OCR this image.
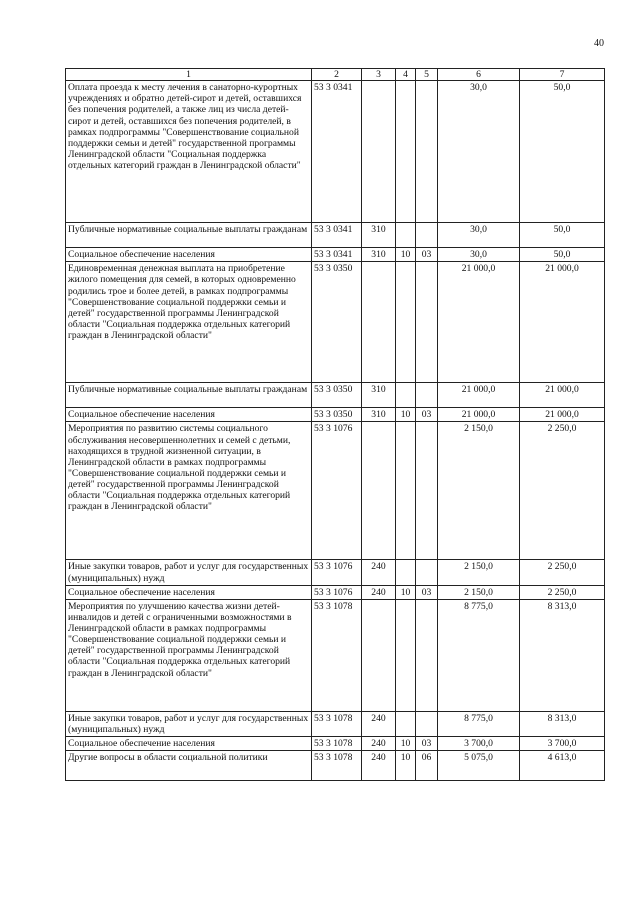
40
1	2	3	4	5	6	7
Оплата проезда к месту лечения в санаторно-курортных учреждениях и обратно детей-сирот и детей, оставшихся без попечения родителей, а также лиц из числа детей-сирот и детей, оставшихся без попечения родителей, в рамках подпрограммы "Совершенствование социальной поддержки семьи и детей" государственной программы Ленинградской области "Социальная поддержка отдельных категорий граждан в Ленинградской области"	53 3 0341				30,0	50,0
Публичные нормативные социальные выплаты гражданам	53 3 0341	310			30,0	50,0
Социальное обеспечение населения	53 3 0341	310	10	03	30,0	50,0
Единовременная денежная выплата на приобретение жилого помещения для семей, в которых одновременно родились трое и более детей, в рамках подпрограммы "Совершенствование социальной поддержки семьи и детей" государственной программы Ленинградской области "Социальная поддержка отдельных категорий граждан в Ленинградской области"	53 3 0350				21 000,0	21 000,0
Публичные нормативные социальные выплаты гражданам	53 3 0350	310			21 000,0	21 000,0
Социальное обеспечение населения	53 3 0350	310	10	03	21 000,0	21 000,0
Мероприятия по развитию системы социального обслуживания несовершеннолетних и семей с детьми, находящихся в трудной жизненной ситуации, в Ленинградской области в рамках подпрограммы "Совершенствование социальной поддержки семьи и детей" государственной программы Ленинградской области "Социальная поддержка отдельных категорий граждан в Ленинградской области"	53 3 1076				2 150,0	2 250,0
Иные закупки товаров, работ и услуг для государственных (муниципальных) нужд	53 3 1076	240			2 150,0	2 250,0
Социальное обеспечение населения	53 3 1076	240	10	03	2 150,0	2 250,0
Мероприятия по улучшению качества жизни детей-инвалидов и детей с ограниченными возможностями в Ленинградской области в рамках подпрограммы "Совершенствование социальной поддержки семьи и детей" государственной программы Ленинградской области "Социальная поддержка отдельных категорий граждан в Ленинградской области"	53 3 1078				8 775,0	8 313,0
Иные закупки товаров, работ и услуг для государственных (муниципальных) нужд	53 3 1078	240			8 775,0	8 313,0
Социальное обеспечение населения	53 3 1078	240	10	03	3 700,0	3 700,0
Другие вопросы в области социальной политики	53 3 1078	240	10	06	5 075,0	4 613,0
